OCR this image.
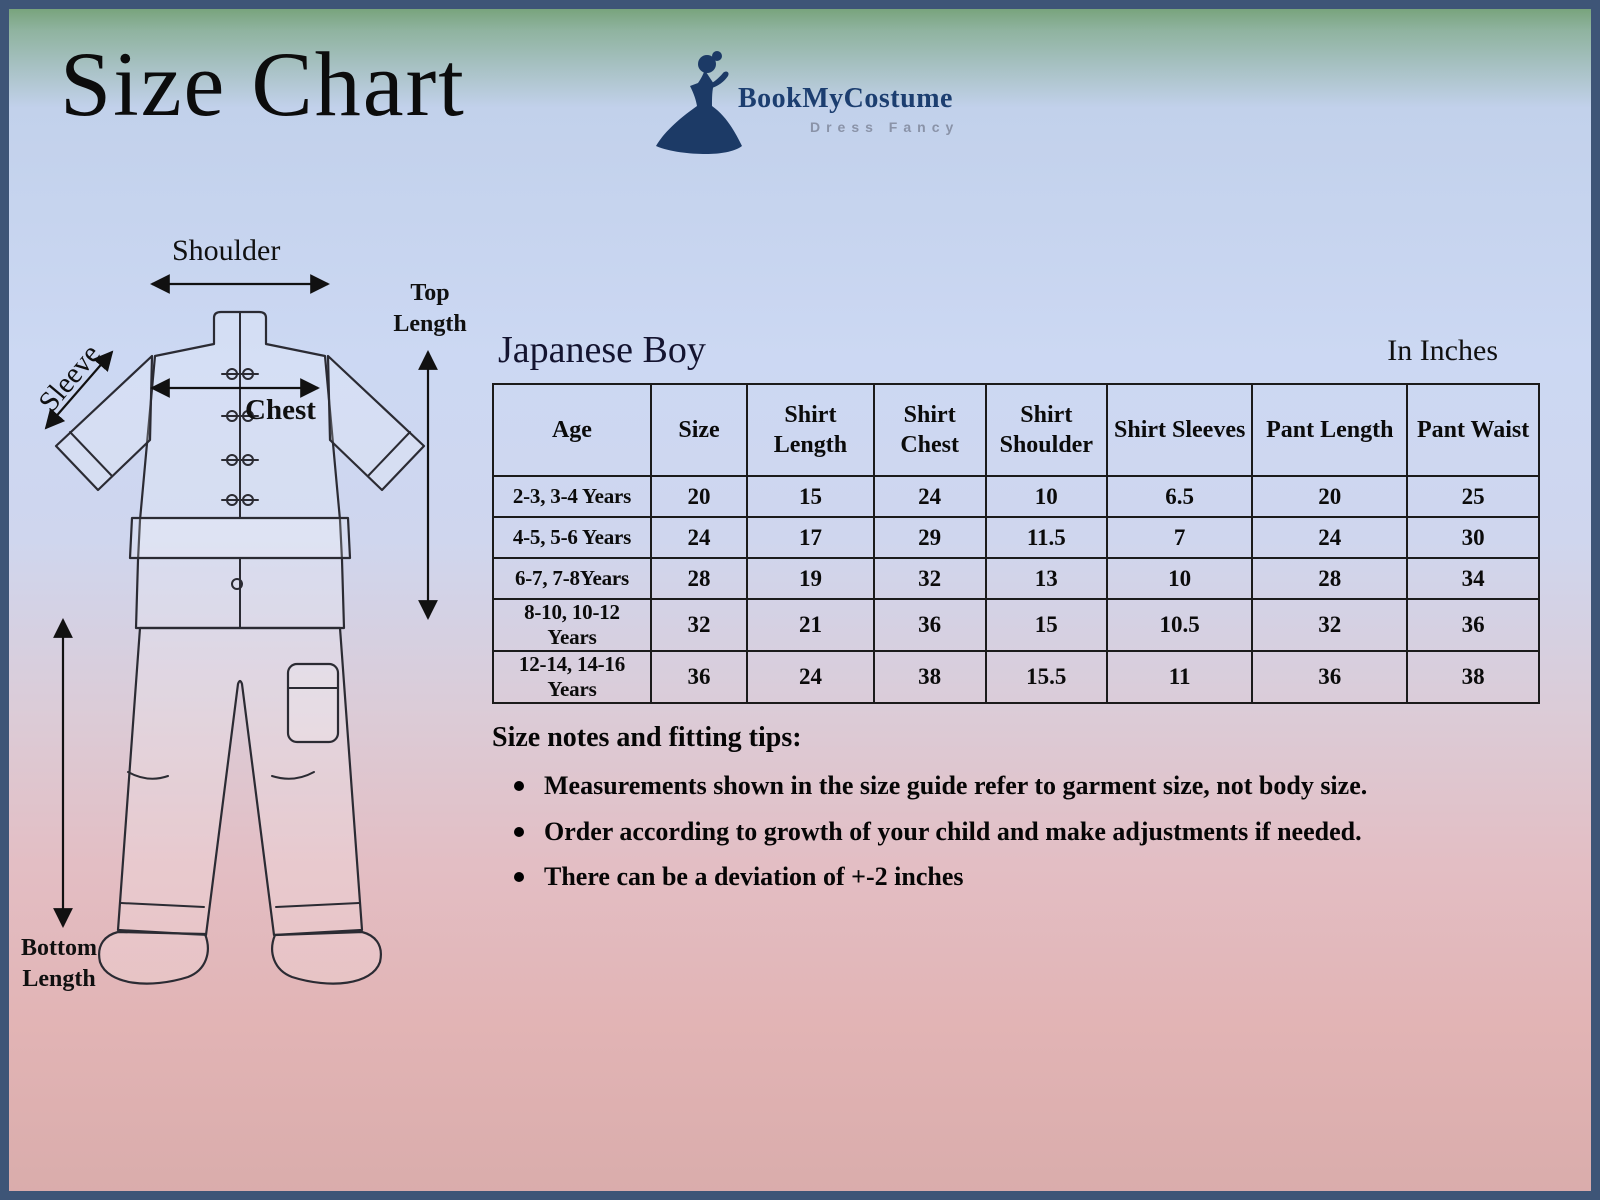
Size Chart	BookMyCostume
Dress Fancy
Shoulder
Sleeve	Chest
Top
Length
Bottom
Length
Japanese Boy	In Inches
Age	Size	Shirt Length	Shirt Chest	Shirt Shoulder	Shirt Sleeves	Pant Length	Pant Waist
2-3, 3-4 Years	20	15	24	10	6.5	20	25
4-5, 5-6 Years	24	17	29	11.5	7	24	30
6-7, 7-8Years	28	19	32	13	10	28	34
8-10, 10-12 Years	32	21	36	15	10.5	32	36
12-14, 14-16 Years	36	24	38	15.5	11	36	38

Size notes and fitting tips:

Measurements shown in the size guide refer to garment size, not body size.
Order according to growth of your child and make adjustments if needed.
There can be a deviation of +-2 inches
